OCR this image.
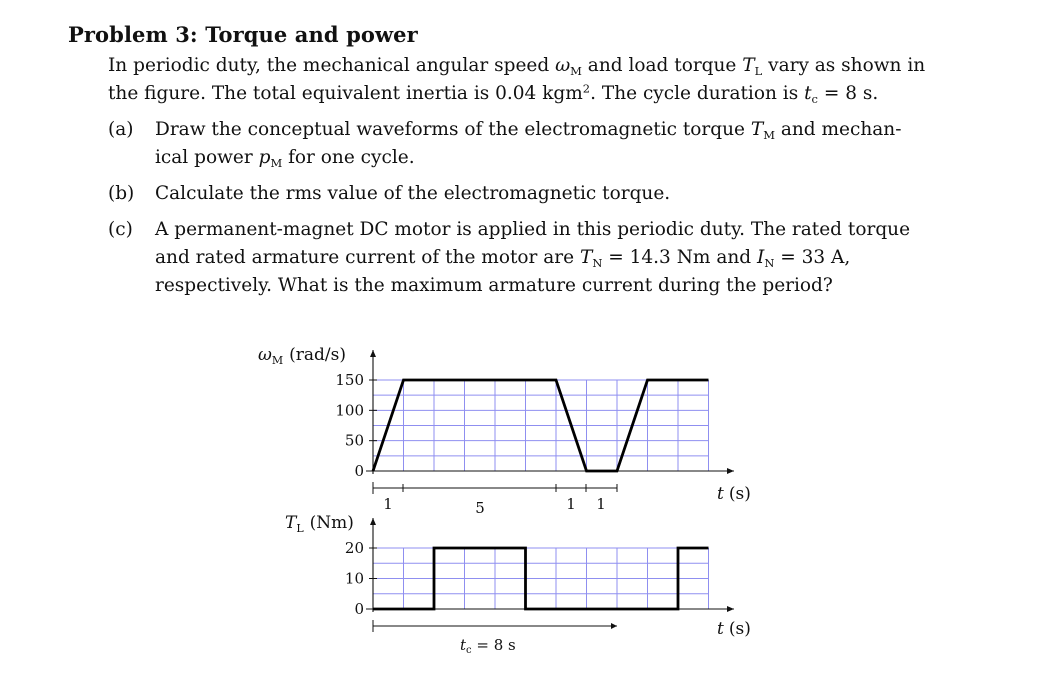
Problem 3: Torque and power
In periodic duty, the mechanical angular speed $\omega_M$ and load torque $T_L$ vary as shown in the figure. The total equivalent inertia is 0.04 kgm$^2$. The cycle duration is $t_c = 8$ s.
(a)	Draw the conceptual waveforms of the electromagnetic torque $T_M$ and mechan-ical power $p_M$ for one cycle.
(b)	Calculate the rms value of the electromagnetic torque.
(c)	A permanent-magnet DC motor is applied in this periodic duty. The rated torque and rated armature current of the motor are $T_N = 14.3$ Nm and $I_N = 33$ A, respectively. What is the maximum armature current during the period?
0
50
100
150
$\omega_M$ (rad/s)
t (s)
1	5	1 1
0
10
20
$T_L$ (Nm)
t (s)
$t_c = 8$ s
